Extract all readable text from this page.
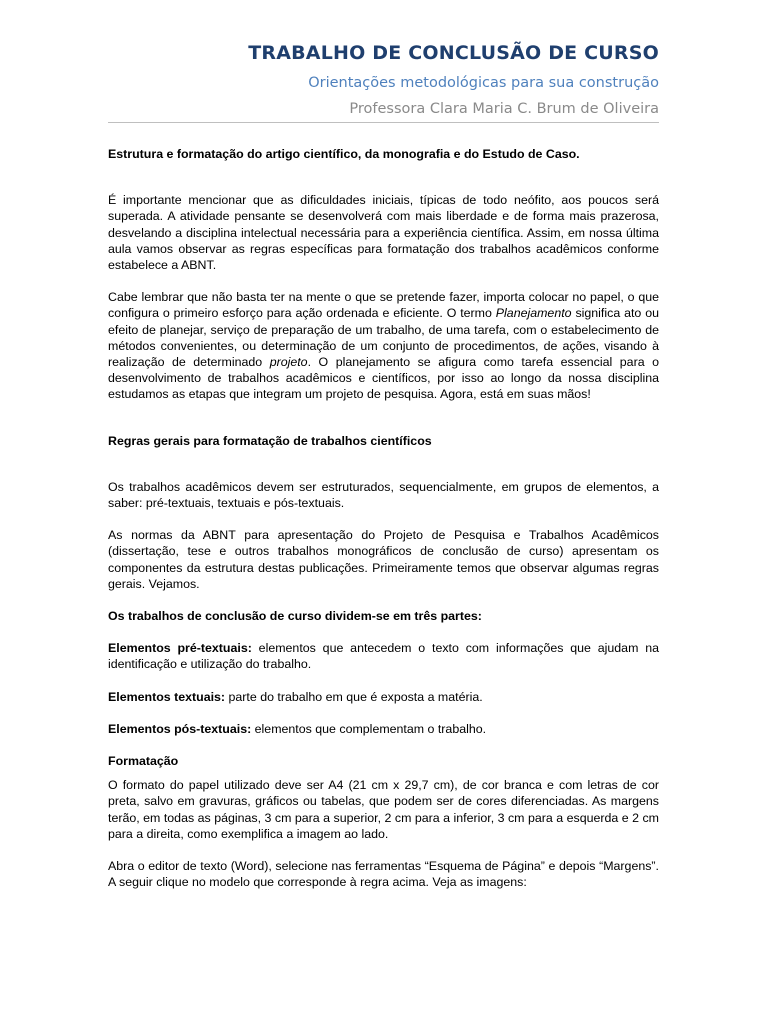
TRABALHO DE CONCLUSÃO DE CURSO
Orientações metodológicas para sua construção
Professora Clara Maria C. Brum de Oliveira

Estrutura e formatação do artigo científico, da monografia e do Estudo de Caso.

É importante mencionar que as dificuldades iniciais, típicas de todo neófito, aos poucos será superada. A atividade pensante se desenvolverá com mais liberdade e de forma mais prazerosa, desvelando a disciplina intelectual necessária para a experiência científica. Assim, em nossa última aula vamos observar as regras específicas para formatação dos trabalhos acadêmicos conforme estabelece a ABNT.

Cabe lembrar que não basta ter na mente o que se pretende fazer, importa colocar no papel, o que configura o primeiro esforço para ação ordenada e eficiente. O termo Planejamento significa ato ou efeito de planejar, serviço de preparação de um trabalho, de uma tarefa, com o estabelecimento de métodos convenientes, ou determinação de um conjunto de procedimentos, de ações, visando à realização de determinado projeto. O planejamento se afigura como tarefa essencial para o desenvolvimento de trabalhos acadêmicos e científicos, por isso ao longo da nossa disciplina estudamos as etapas que integram um projeto de pesquisa. Agora, está em suas mãos!

Regras gerais para formatação de trabalhos científicos

Os trabalhos acadêmicos devem ser estruturados, sequencialmente, em grupos de elementos, a saber: pré-textuais, textuais e pós-textuais.

As normas da ABNT para apresentação do Projeto de Pesquisa e Trabalhos Acadêmicos (dissertação, tese e outros trabalhos monográficos de conclusão de curso) apresentam os componentes da estrutura destas publicações. Primeiramente temos que observar algumas regras gerais. Vejamos.

Os trabalhos de conclusão de curso dividem-se em três partes:

Elementos pré-textuais: elementos que antecedem o texto com informações que ajudam na identificação e utilização do trabalho.

Elementos textuais: parte do trabalho em que é exposta a matéria.

Elementos pós-textuais: elementos que complementam o trabalho.

Formatação

O formato do papel utilizado deve ser A4 (21 cm x 29,7 cm), de cor branca e com letras de cor preta, salvo em gravuras, gráficos ou tabelas, que podem ser de cores diferenciadas. As margens terão, em todas as páginas, 3 cm para a superior, 2 cm para a inferior, 3 cm para a esquerda e 2 cm para a direita, como exemplifica a imagem ao lado.

Abra o editor de texto (Word), selecione nas ferramentas “Esquema de Página” e depois “Margens”. A seguir clique no modelo que corresponde à regra acima. Veja as imagens:
